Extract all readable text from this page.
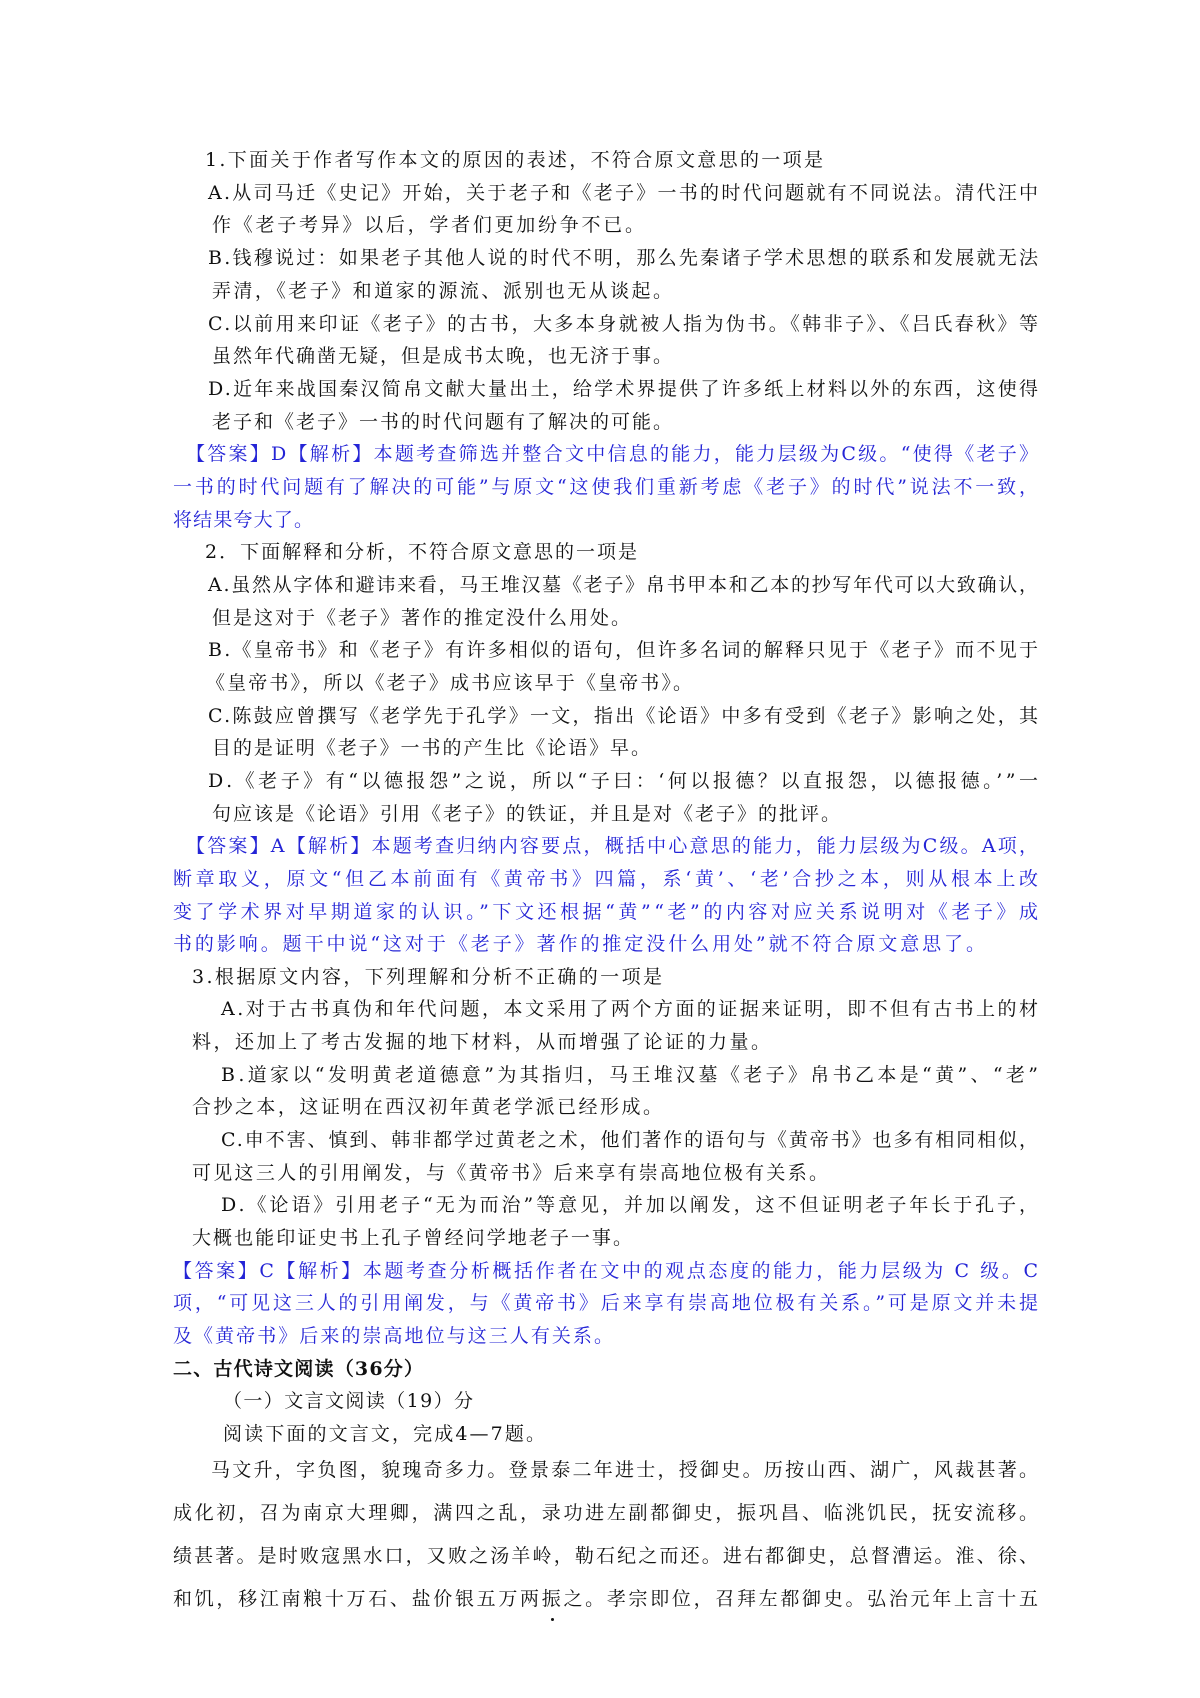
1.下面关于作者写作本文的原因的表述，不符合原文意思的一项是
A.从司马迁《史记》开始，关于老子和《老子》一书的时代问题就有不同说法。清代汪中
作《老子考异》以后，学者们更加纷争不已。
B.钱穆说过：如果老子其他人说的时代不明，那么先秦诸子学术思想的联系和发展就无法
弄清，《老子》和道家的源流、派别也无从谈起。
C.以前用来印证《老子》的古书，大多本身就被人指为伪书。《韩非子》、《吕氏春秋》等
虽然年代确凿无疑，但是成书太晚，也无济于事。
D.近年来战国秦汉简帛文献大量出土，给学术界提供了许多纸上材料以外的东西，这使得
老子和《老子》一书的时代问题有了解决的可能。
【答案】D【解析】本题考查筛选并整合文中信息的能力，能力层级为C级。“使得《老子》
一书的时代问题有了解决的可能”与原文“这使我们重新考虑《老子》的时代”说法不一致，
将结果夸大了。
2．下面解释和分析，不符合原文意思的一项是
A.虽然从字体和避讳来看，马王堆汉墓《老子》帛书甲本和乙本的抄写年代可以大致确认，
但是这对于《老子》著作的推定没什么用处。
B.《皇帝书》和《老子》有许多相似的语句，但许多名词的解释只见于《老子》而不见于
《皇帝书》，所以《老子》成书应该早于《皇帝书》。
C.陈鼓应曾撰写《老学先于孔学》一文，指出《论语》中多有受到《老子》影响之处，其
目的是证明《老子》一书的产生比《论语》早。
D.《老子》有“以德报怨”之说，所以“子曰：‘何以报德？以直报怨，以德报德。’”一
句应该是《论语》引用《老子》的铁证，并且是对《老子》的批评。
【答案】A【解析】本题考查归纳内容要点，概括中心意思的能力，能力层级为C级。A项，
断章取义，原文“但乙本前面有《黄帝书》四篇，系‘黄’、‘老’合抄之本，则从根本上改
变了学术界对早期道家的认识。”下文还根据“黄”“老”的内容对应关系说明对《老子》成
书的影响。题干中说“这对于《老子》著作的推定没什么用处”就不符合原文意思了。
3.根据原文内容，下列理解和分析不正确的一项是
A.对于古书真伪和年代问题，本文采用了两个方面的证据来证明，即不但有古书上的材
料，还加上了考古发掘的地下材料，从而增强了论证的力量。
B.道家以“发明黄老道德意”为其指归，马王堆汉墓《老子》帛书乙本是“黄”、“老”
合抄之本，这证明在西汉初年黄老学派已经形成。
C.申不害、慎到、韩非都学过黄老之术，他们著作的语句与《黄帝书》也多有相同相似，
可见这三人的引用阐发，与《黄帝书》后来享有崇高地位极有关系。
D.《论语》引用老子“无为而治”等意见，并加以阐发，这不但证明老子年长于孔子，
大概也能印证史书上孔子曾经问学地老子一事。
【答案】C【解析】本题考查分析概括作者在文中的观点态度的能力，能力层级为 C 级。C
项，“可见这三人的引用阐发，与《黄帝书》后来享有崇高地位极有关系。”可是原文并未提
及《黄帝书》后来的崇高地位与这三人有关系。
二、古代诗文阅读（36分）
（一）文言文阅读（19）分
阅读下面的文言文，完成4—7题。
马文升，字负图，貌瑰奇多力。登景泰二年进士，授御史。历按山西、湖广，风裁甚著。
成化初，召为南京大理卿，满四之乱，录功进左副都御史，振巩昌、临洮饥民，抚安流移。
绩甚著。是时败寇黑水口，又败之汤羊岭，勒石纪之而还。进右都御史，总督漕运。淮、徐、
和饥，移江南粮十万石、盐价银五万两振之。孝宗即位，召拜左都御史。弘治元年上言十五
